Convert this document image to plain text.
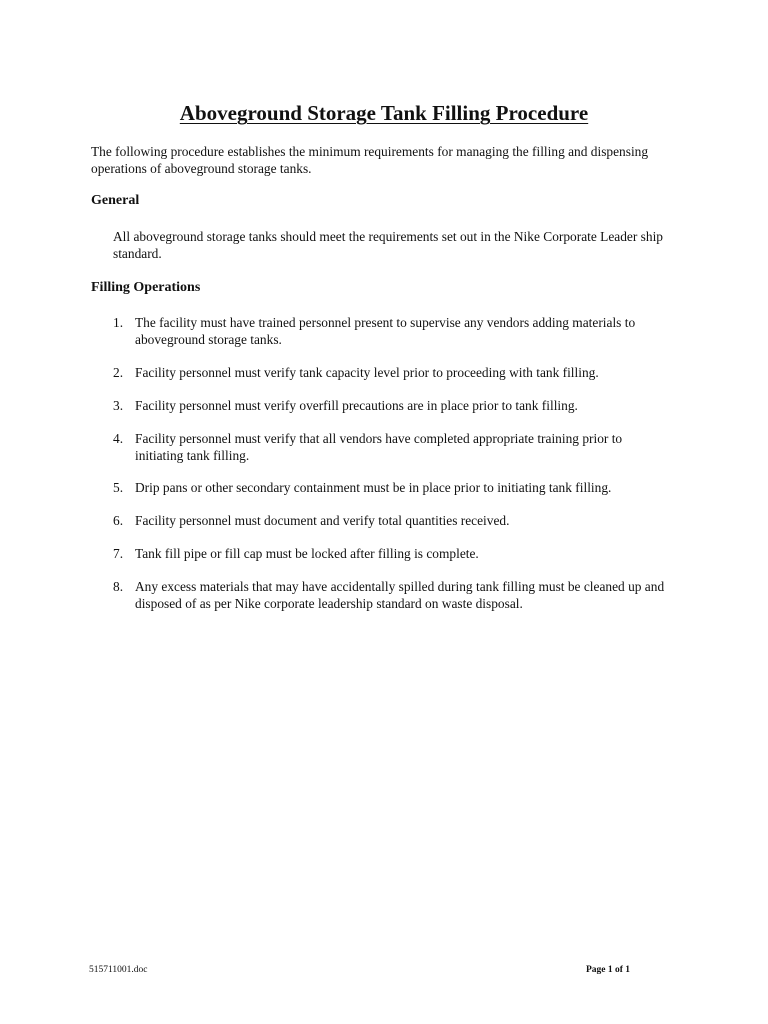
Aboveground Storage Tank Filling Procedure

The following procedure establishes the minimum requirements for managing the filling and dispensing operations of aboveground storage tanks.

General

All aboveground storage tanks should meet the requirements set out in the Nike Corporate Leader ship standard.

Filling Operations
1. The facility must have trained personnel present to supervise any vendors adding materials to aboveground storage tanks.
2. Facility personnel must verify tank capacity level prior to proceeding with tank filling.
3. Facility personnel must verify overfill precautions are in place prior to tank filling.
4. Facility personnel must verify that all vendors have completed appropriate training prior to initiating tank filling.
5. Drip pans or other secondary containment must be in place prior to initiating tank filling.
6. Facility personnel must document and verify total quantities received.
7. Tank fill pipe or fill cap must be locked after filling is complete.
8. Any excess materials that may have accidentally spilled during tank filling must be cleaned up and disposed of as per Nike corporate leadership standard on waste disposal.
515711001.doc	Page 1 of 1
